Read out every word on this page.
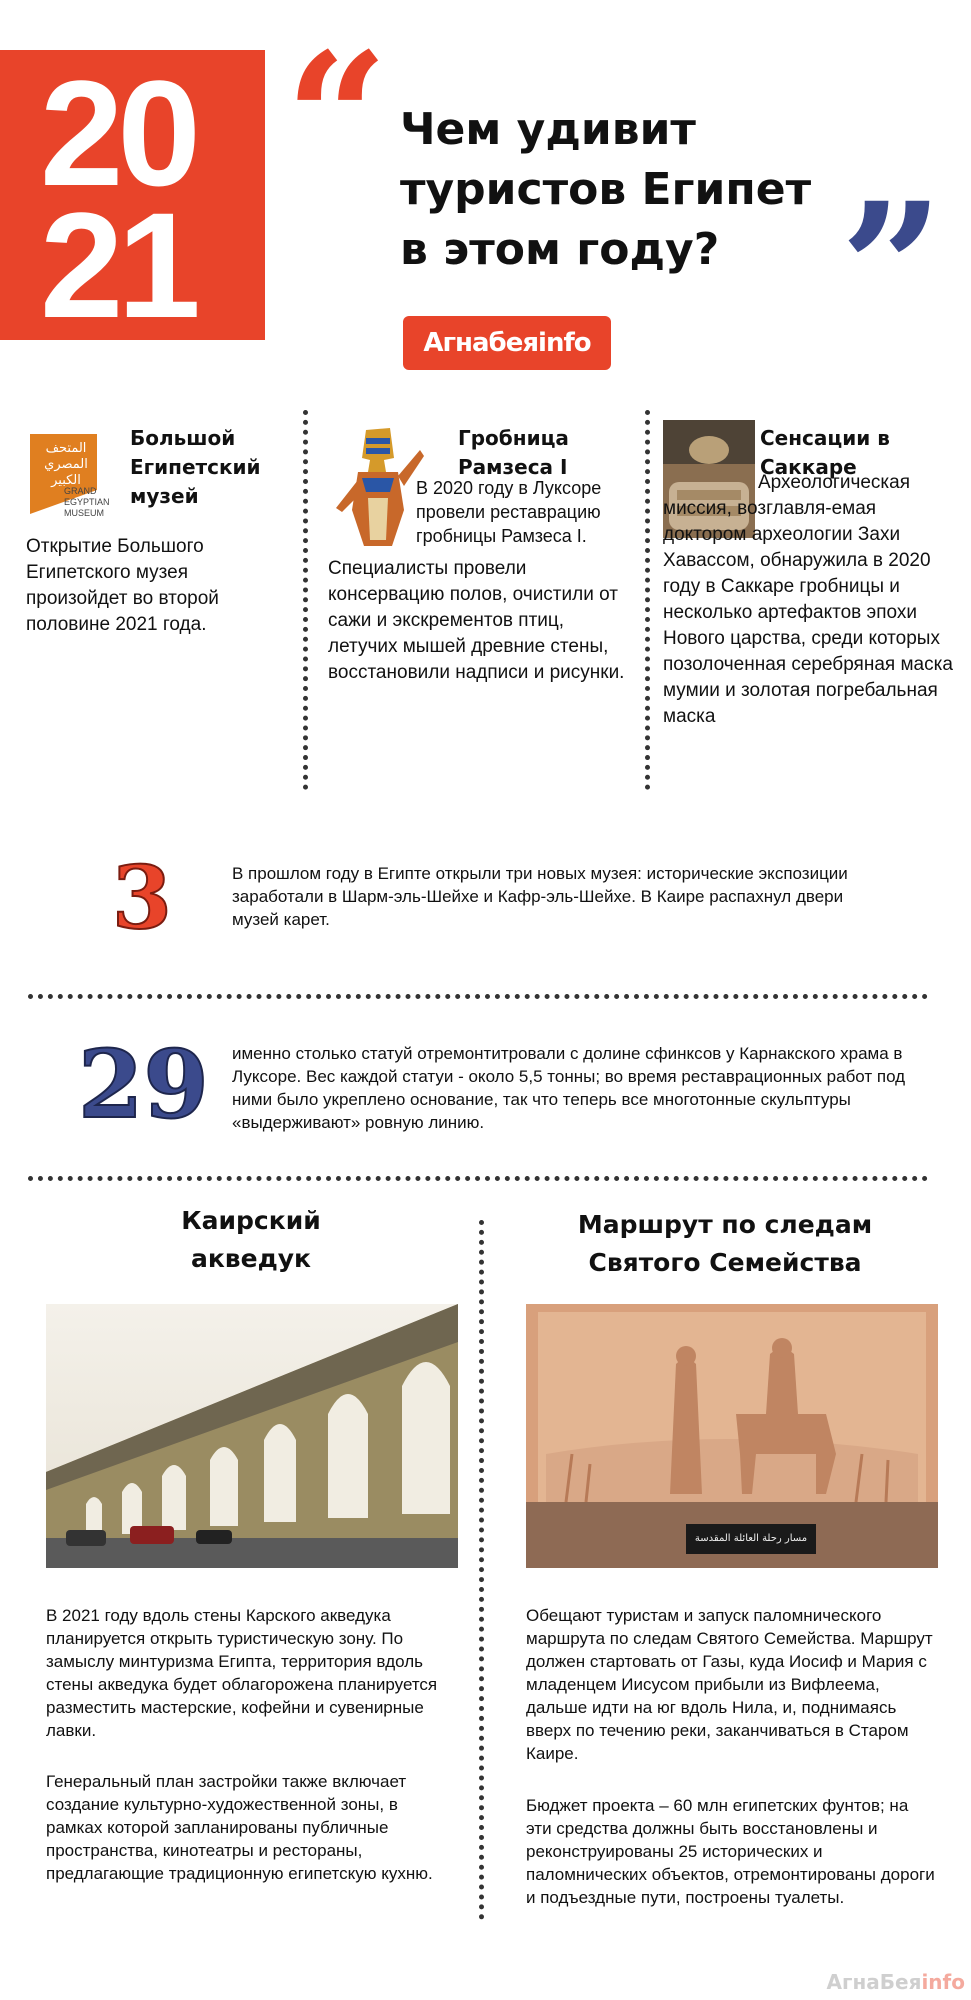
20
21
“ Чем удивит
туристов Египет
в этом году? ”
Агнабеяinfo
المتحف
المصري
الكبير
GRAND
EGYPTIAN
MUSEUM
Большой Египетский музей
Открытие Большого Египетского музея произойдет во второй половине 2021 года.
Гробница Рамзеса I
В 2020 году в Луксоре провели реставрацию гробницы Рамзеса I.
Специалисты провели консервацию полов, очистили от сажи и экскрементов птиц, летучих мышей древние стены, восстановили надписи и рисунки.
Сенсации в Саккаре
Археологическая миссия, возглавля-емая доктором археологии Захи Хавассом, обнаружила в 2020 году в Саккаре гробницы и несколько артефактов эпохи Нового царства, среди которых позолоченная серебряная маска мумии и золотая погребальная маска
3	В прошлом году в Египте открыли три новых музея: исторические экспозиции заработали в Шарм-эль-Шейхе и Кафр-эль-Шейхе. В Каире распахнул двери музей карет.
29 именно столько статуй отремонтитровали с долине сфинксов у Карнакского храма в Луксоре. Вес каждой статуи - около 5,5 тонны; во время реставрационных работ под ними было укреплено основание, так что теперь все многотонные скульптуры «выдерживают» ровную линию.
Каирский
акведук
В 2021 году вдоль стены Карского акведука планируется открыть туристическую зону. По замыслу минтуризма Египта, территория вдоль стены акведука будет облагорожена планируется разместить мастерские, кофейни и сувенирные лавки.
Генеральный план застройки также включает создание культурно-художественной зоны, в рамках которой запланированы публичные пространства, кинотеатры и рестораны, предлагающие традиционную египетскую кухню.
Маршрут по следам
Святого Семейства
مسار رحلة العائلة المقدسة
Обещают туристам и запуск паломнического маршрута по следам Святого Семейства. Маршрут должен стартовать от Газы, куда Иосиф и Мария с младенцем Иисусом прибыли из Вифлеема, дальше идти на юг вдоль Нила, и, поднимаясь вверх по течению реки, заканчиваться в Старом Каире.
Бюджет проекта – 60 млн египетских фунтов; на эти средства должны быть восстановлены и реконструированы 25 исторических и паломнических объектов, отремонтированы дороги и подъездные пути, построены туалеты.
АгнаБеяinfo
